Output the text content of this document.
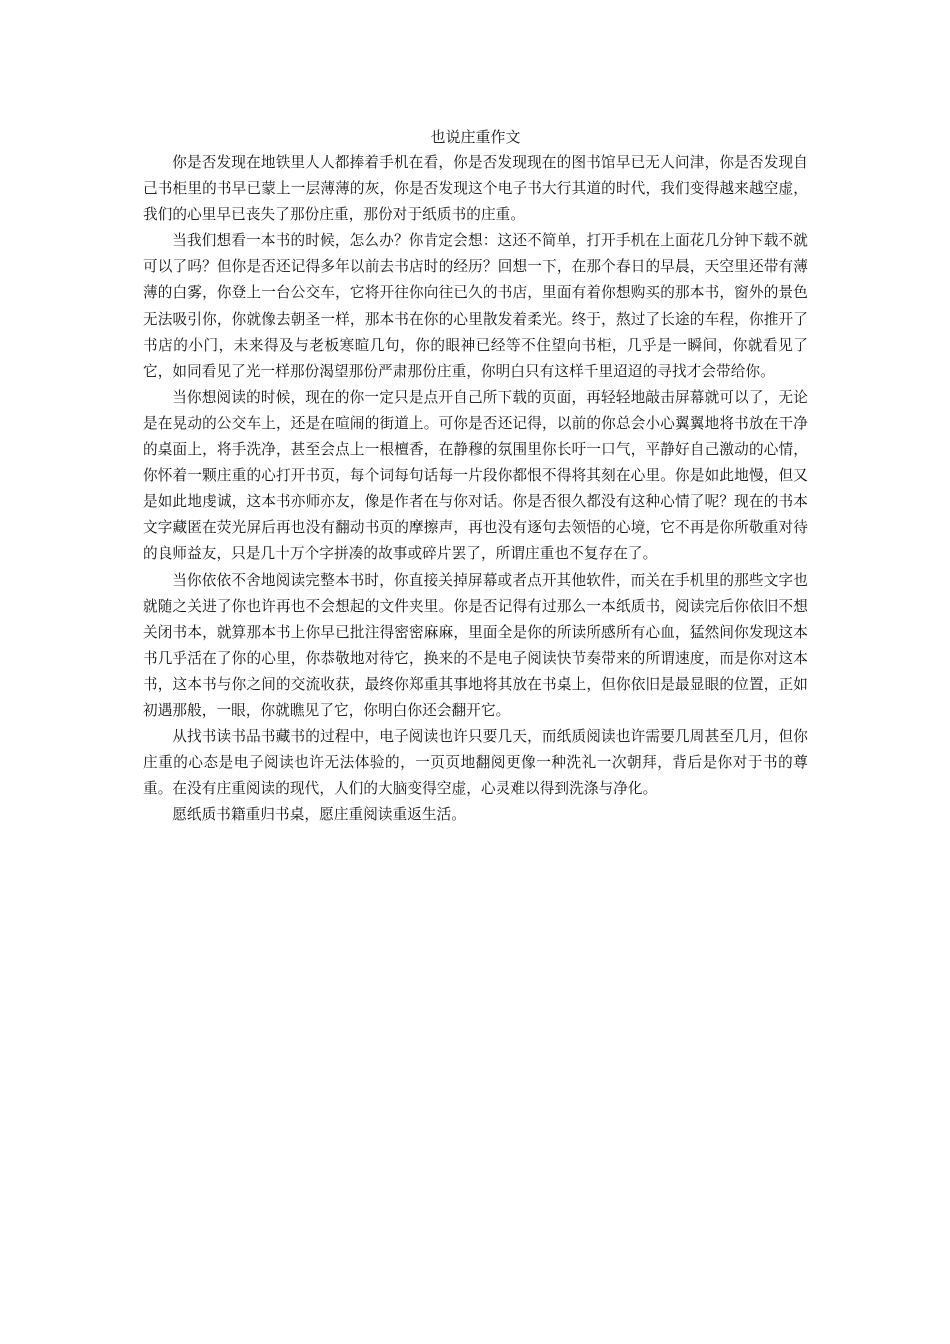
也说庄重作文

你是否发现在地铁里人人都捧着手机在看，你是否发现现在的图书馆早已无人问津，你是否发现自己书柜里的书早已蒙上一层薄薄的灰，你是否发现这个电子书大行其道的时代，我们变得越来越空虚，我们的心里早已丧失了那份庄重，那份对于纸质书的庄重。

当我们想看一本书的时候，怎么办？你肯定会想：这还不简单，打开手机在上面花几分钟下载不就可以了吗？但你是否还记得多年以前去书店时的经历？回想一下，在那个春日的早晨，天空里还带有薄薄的白雾，你登上一台公交车，它将开往你向往已久的书店，里面有着你想购买的那本书，窗外的景色无法吸引你，你就像去朝圣一样，那本书在你的心里散发着柔光。终于，熬过了长途的车程，你推开了书店的小门，未来得及与老板寒暄几句，你的眼神已经等不住望向书柜，几乎是一瞬间，你就看见了它，如同看见了光一样那份渴望那份严肃那份庄重，你明白只有这样千里迢迢的寻找才会带给你。

当你想阅读的时候，现在的你一定只是点开自己所下载的页面，再轻轻地敲击屏幕就可以了，无论是在晃动的公交车上，还是在喧闹的街道上。可你是否还记得，以前的你总会小心翼翼地将书放在干净的桌面上，将手洗净，甚至会点上一根檀香，在静穆的氛围里你长吁一口气，平静好自己激动的心情，你怀着一颗庄重的心打开书页，每个词每句话每一片段你都恨不得将其刻在心里。你是如此地慢，但又是如此地虔诚，这本书亦师亦友，像是作者在与你对话。你是否很久都没有这种心情了呢？现在的书本文字藏匿在荧光屏后再也没有翻动书页的摩擦声，再也没有逐句去领悟的心境，它不再是你所敬重对待的良师益友，只是几十万个字拼凑的故事或碎片罢了，所谓庄重也不复存在了。

当你依依不舍地阅读完整本书时，你直接关掉屏幕或者点开其他软件，而关在手机里的那些文字也就随之关进了你也许再也不会想起的文件夹里。你是否记得有过那么一本纸质书，阅读完后你依旧不想关闭书本，就算那本书上你早已批注得密密麻麻，里面全是你的所读所感所有心血，猛然间你发现这本书几乎活在了你的心里，你恭敬地对待它，换来的不是电子阅读快节奏带来的所谓速度，而是你对这本书，这本书与你之间的交流收获，最终你郑重其事地将其放在书桌上，但你依旧是最显眼的位置，正如初遇那般，一眼，你就瞧见了它，你明白你还会翻开它。

从找书读书品书藏书的过程中，电子阅读也许只要几天，而纸质阅读也许需要几周甚至几月，但你庄重的心态是电子阅读也许无法体验的，一页页地翻阅更像一种洗礼一次朝拜，背后是你对于书的尊重。在没有庄重阅读的现代，人们的大脑变得空虚，心灵难以得到洗涤与净化。

愿纸质书籍重归书桌，愿庄重阅读重返生活。
